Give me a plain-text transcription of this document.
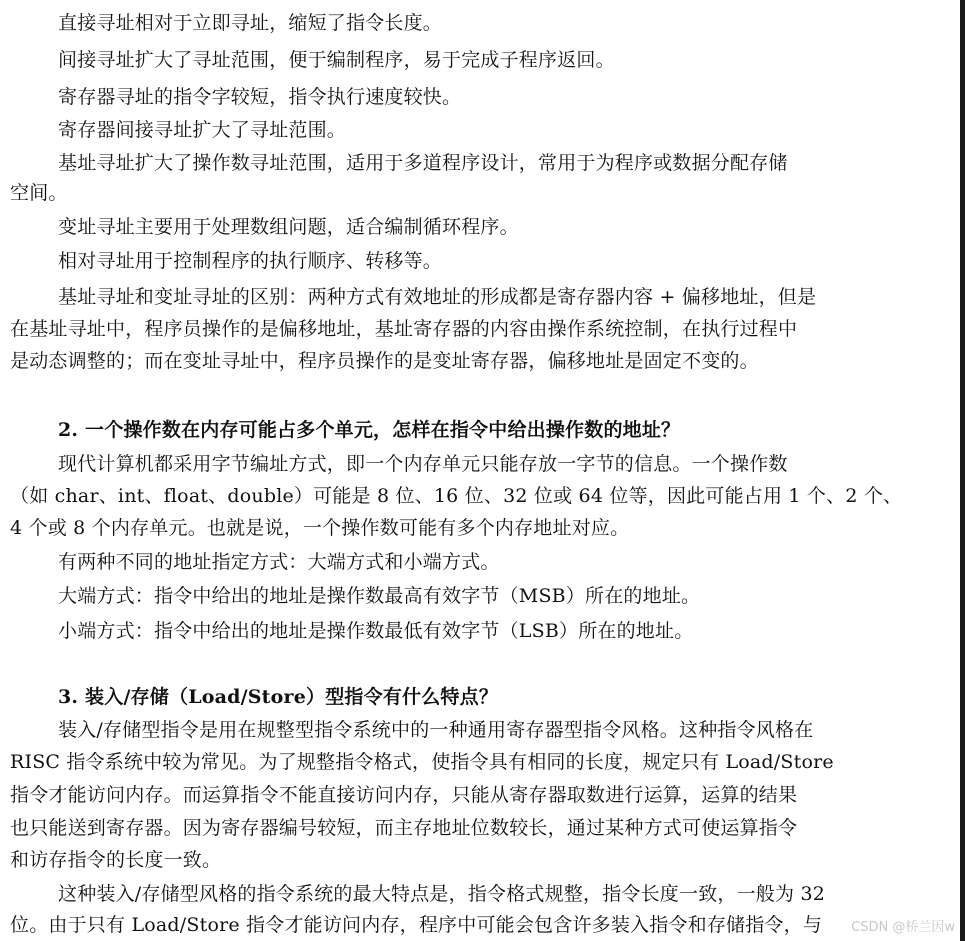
直接寻址相对于立即寻址，缩短了指令长度。
间接寻址扩大了寻址范围，便于编制程序，易于完成子程序返回。
寄存器寻址的指令字较短，指令执行速度较快。
寄存器间接寻址扩大了寻址范围。
基址寻址扩大了操作数寻址范围，适用于多道程序设计，常用于为程序或数据分配存储
空间。
变址寻址主要用于处理数组问题，适合编制循环程序。
相对寻址用于控制程序的执行顺序、转移等。
基址寻址和变址寻址的区别：两种方式有效地址的形成都是寄存器内容 + 偏移地址，但是
在基址寻址中，程序员操作的是偏移地址，基址寄存器的内容由操作系统控制，在执行过程中
是动态调整的；而在变址寻址中，程序员操作的是变址寄存器，偏移地址是固定不变的。
2. 一个操作数在内存可能占多个单元，怎样在指令中给出操作数的地址？
现代计算机都采用字节编址方式，即一个内存单元只能存放一字节的信息。一个操作数
（如 char、int、float、double）可能是 8 位、16 位、32 位或 64 位等，因此可能占用 1 个、2 个、
4 个或 8 个内存单元。也就是说，一个操作数可能有多个内存地址对应。
有两种不同的地址指定方式：大端方式和小端方式。
大端方式：指令中给出的地址是操作数最高有效字节（MSB）所在的地址。
小端方式：指令中给出的地址是操作数最低有效字节（LSB）所在的地址。
3. 装入/存储（Load/Store）型指令有什么特点？
装入/存储型指令是用在规整型指令系统中的一种通用寄存器型指令风格。这种指令风格在
RISC 指令系统中较为常见。为了规整指令格式，使指令具有相同的长度，规定只有 Load/Store
指令才能访问内存。而运算指令不能直接访问内存，只能从寄存器取数进行运算，运算的结果
也只能送到寄存器。因为寄存器编号较短，而主存地址位数较长，通过某种方式可使运算指令
和访存指令的长度一致。
这种装入/存储型风格的指令系统的最大特点是，指令格式规整，指令长度一致，一般为 32
位。由于只有 Load/Store 指令才能访问内存，程序中可能会包含许多装入指令和存储指令，与 CSDN @桥兰因w
